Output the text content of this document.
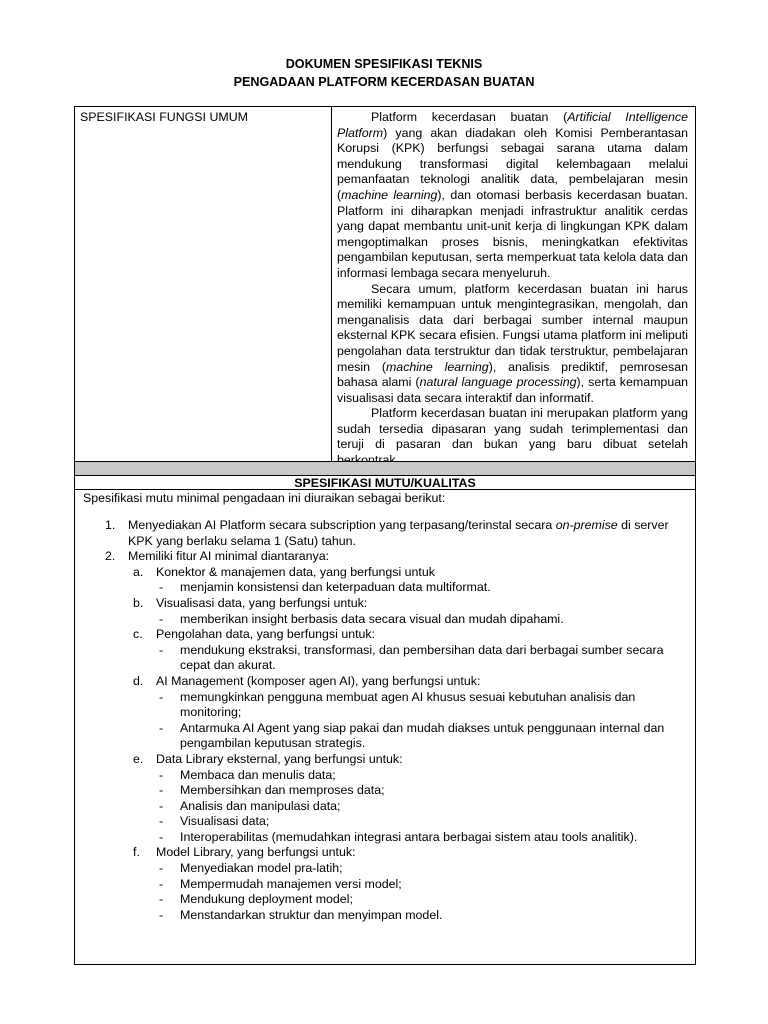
DOKUMEN SPESIFIKASI TEKNIS
PENGADAAN PLATFORM KECERDASAN BUATAN
SPESIFIKASI FUNGSI UMUM	Platform kecerdasan buatan (Artificial Intelligence Platform) yang akan diadakan oleh Komisi Pemberantasan Korupsi (KPK) berfungsi sebagai sarana utama dalam mendukung transformasi digital kelembagaan melalui pemanfaatan teknologi analitik data, pembelajaran mesin (machine learning), dan otomasi berbasis kecerdasan buatan. Platform ini diharapkan menjadi infrastruktur analitik cerdas yang dapat membantu unit-unit kerja di lingkungan KPK dalam mengoptimalkan proses bisnis, meningkatkan efektivitas pengambilan keputusan, serta memperkuat tata kelola data dan informasi lembaga secara menyeluruh.

Secara umum, platform kecerdasan buatan ini harus memiliki kemampuan untuk mengintegrasikan, mengolah, dan menganalisis data dari berbagai sumber internal maupun eksternal KPK secara efisien. Fungsi utama platform ini meliputi pengolahan data terstruktur dan tidak terstruktur, pembelajaran mesin (machine learning), analisis prediktif, pemrosesan bahasa alami (natural language processing), serta kemampuan visualisasi data secara interaktif dan informatif.

Platform kecerdasan buatan ini merupakan platform yang sudah tersedia dipasaran yang sudah terimplementasi dan teruji di pasaran dan bukan yang baru dibuat setelah

SPESIFIKASI MUTU/KUALITAS
Spesifikasi mutu minimal pengadaan ini diuraikan sebagai berikut:
1. Menyediakan AI Platform secara subscription yang terpasang/terinstal secara on-premise di server KPK yang berlaku selama 1 (Satu) tahun.
2. Memiliki fitur AI minimal diantaranya:
a. Konektor & manajemen data, yang berfungsi untuk
- menjamin konsistensi dan keterpaduan data multiformat.
b. Visualisasi data, yang berfungsi untuk:
- memberikan insight berbasis data secara visual dan mudah dipahami.
c. Pengolahan data, yang berfungsi untuk:
- mendukung ekstraksi, transformasi, dan pembersihan data dari berbagai sumber secara cepat dan akurat.
d. AI Management (komposer agen AI), yang berfungsi untuk:
- memungkinkan pengguna membuat agen AI khusus sesuai kebutuhan analisis dan monitoring;
- Antarmuka AI Agent yang siap pakai dan mudah diakses untuk penggunaan internal dan pengambilan keputusan strategis.
e. Data Library eksternal, yang berfungsi untuk:
- Membaca dan menulis data;
- Membersihkan dan memproses data;
- Analisis dan manipulasi data;
- Visualisasi data;
- Interoperabilitas (memudahkan integrasi antara berbagai sistem atau tools analitik).
f. Model Library, yang berfungsi untuk:
- Menyediakan model pra-latih;
- Mempermudah manajemen versi model;
- Mendukung deployment model;
- Menstandarkan struktur dan menyimpan model.
